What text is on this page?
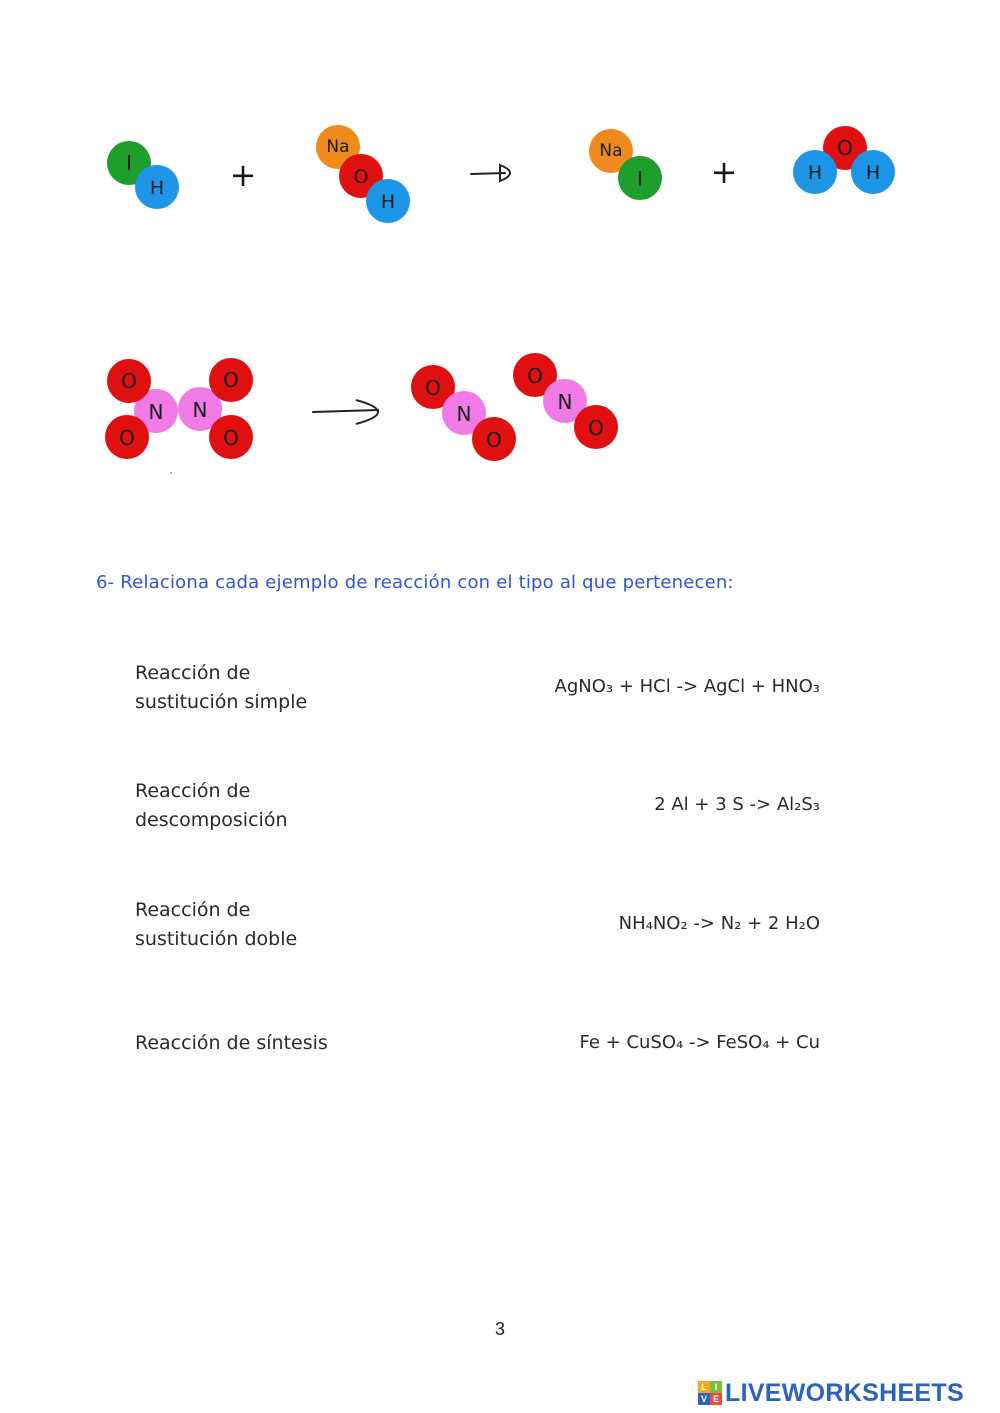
I
H +
Na
O
H
Na
I +
O
H H
O
O
N N
O
O
O
N
O
O
N
O
6- Relaciona cada ejemplo de reacción con el tipo al que pertenecen:
Reacción de
sustitución simple
AgNO₃ + HCl -> AgCl + HNO₃
Reacción de
descomposición
2 Al + 3 S -> Al₂S₃
Reacción de
sustitución doble
NH₄NO₂ -> N₂ + 2 H₂O
Reacción de síntesis	Fe + CuSO₄ -> FeSO₄ + Cu
3
L I
V E LIVEWORKSHEETS
